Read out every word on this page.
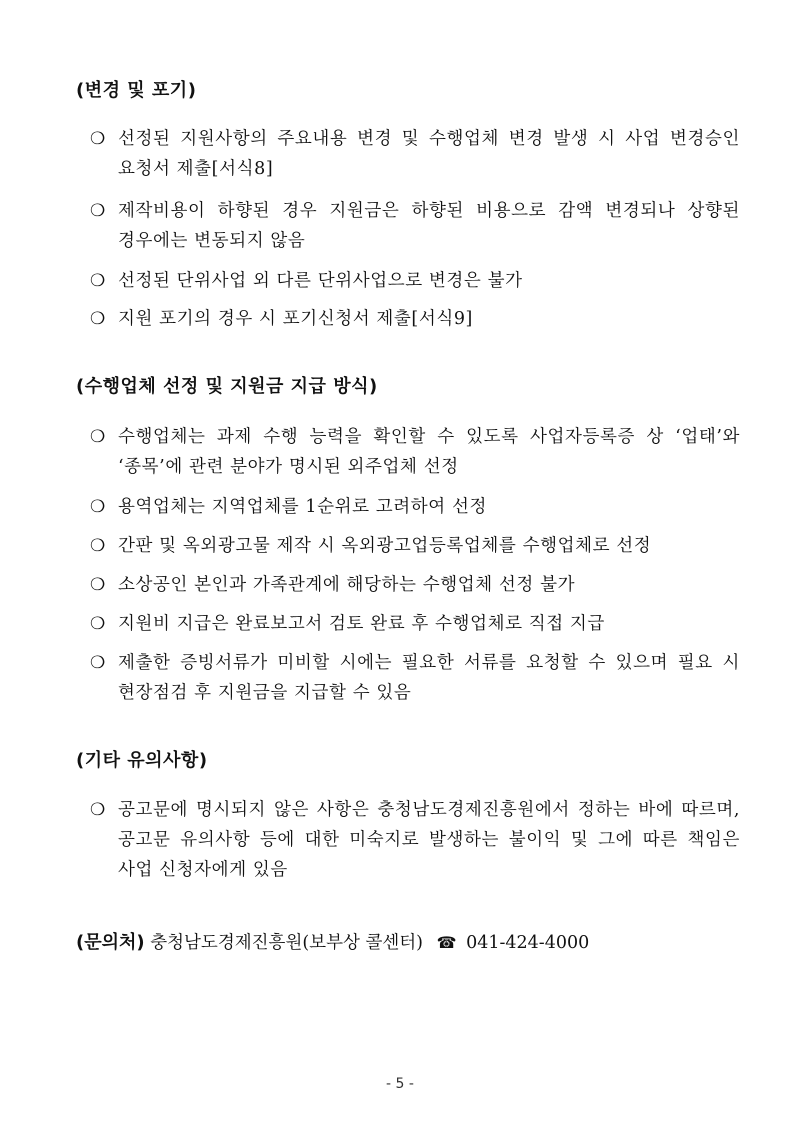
(변경 및 포기)
❍ 선정된 지원사항의 주요내용 변경 및 수행업체 변경 발생 시 사업 변경승인 요청서 제출[서식8]
❍ 제작비용이 하향된 경우 지원금은 하향된 비용으로 감액 변경되나 상향된 경우에는 변동되지 않음
❍ 선정된 단위사업 외 다른 단위사업으로 변경은 불가
❍ 지원 포기의 경우 시 포기신청서 제출[서식9]
(수행업체 선정 및 지원금 지급 방식)
❍ 수행업체는 과제 수행 능력을 확인할 수 있도록 사업자등록증 상 ‘업태’와 ‘종목’에 관련 분야가 명시된 외주업체 선정
❍ 용역업체는 지역업체를 1순위로 고려하여 선정
❍ 간판 및 옥외광고물 제작 시 옥외광고업등록업체를 수행업체로 선정
❍ 소상공인 본인과 가족관계에 해당하는 수행업체 선정 불가
❍ 지원비 지급은 완료보고서 검토 완료 후 수행업체로 직접 지급
❍ 제출한 증빙서류가 미비할 시에는 필요한 서류를 요청할 수 있으며 필요 시 현장점검 후 지원금을 지급할 수 있음
(기타 유의사항)
❍ 공고문에 명시되지 않은 사항은 충청남도경제진흥원에서 정하는 바에 따르며, 공고문 유의사항 등에 대한 미숙지로 발생하는 불이익 및 그에 따른 책임은 사업 신청자에게 있음
(문의처) 충청남도경제진흥원(보부상 콜센터) ☎ 041-424-4000
- 5 -
